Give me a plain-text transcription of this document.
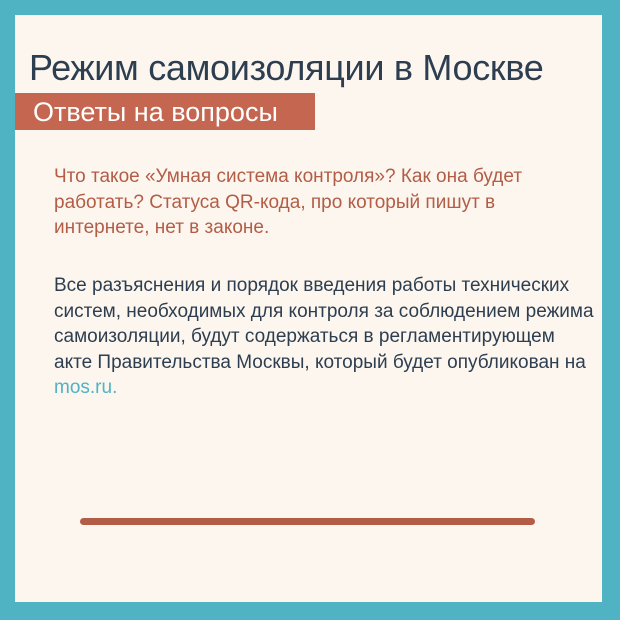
Режим самоизоляции в Москве
Ответы на вопросы
Что такое «Умная система контроля»? Как она будет работать? Статуса QR-кода, про который пишут в интернете, нет в законе.
Все разъяснения и порядок введения работы технических систем, необходимых для контроля за соблюдением режима самоизоляции, будут содержаться в регламентирующем акте Правительства Москвы, который будет опубликован на mos.ru.
